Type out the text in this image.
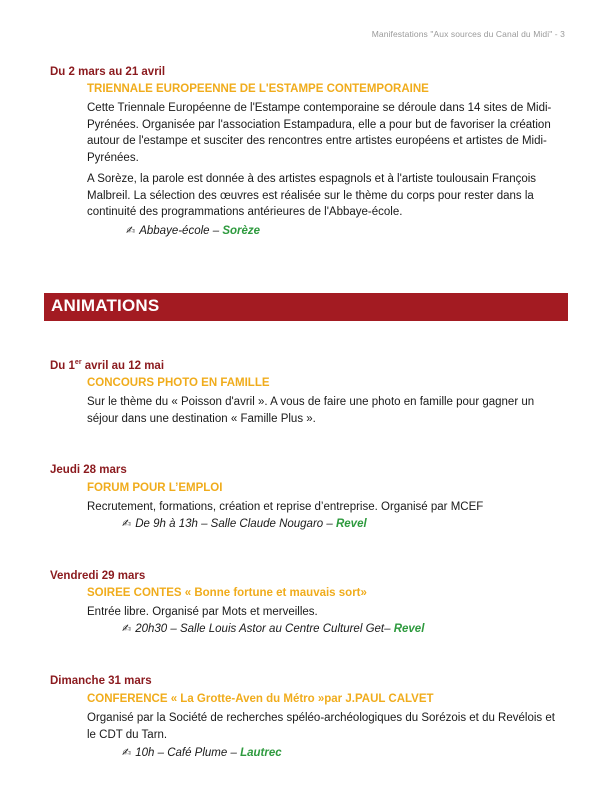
Manifestations "Aux sources du Canal du Midi" - 3
Du 2 mars au 21 avril
TRIENNALE EUROPEENNE DE L'ESTAMPE CONTEMPORAINE
Cette Triennale Européenne de l'Estampe contemporaine se déroule dans 14 sites de Midi-Pyrénées. Organisée par l'association Estampadura, elle a pour but de favoriser la création autour de l'estampe et susciter des rencontres entre artistes européens et artistes de Midi-Pyrénées.
A Sorèze, la parole est donnée à des artistes espagnols et à l'artiste toulousain François Malbreil. La sélection des œuvres est réalisée sur le thème du corps pour rester dans la continuité des programmations antérieures de l'Abbaye-école.
✍ Abbaye-école – Sorèze
ANIMATIONS
Du 1er avril au 12 mai
CONCOURS PHOTO EN FAMILLE
Sur le thème du « Poisson d'avril ». A vous de faire une photo en famille pour gagner un séjour dans une destination « Famille Plus ».
Jeudi 28 mars
FORUM POUR L’EMPLOI
Recrutement, formations, création et reprise d’entreprise. Organisé par MCEF
✍ De 9h à 13h – Salle Claude Nougaro – Revel
Vendredi 29 mars
SOIREE CONTES « Bonne fortune et mauvais sort»
Entrée libre. Organisé par Mots et merveilles.
✍ 20h30 – Salle Louis Astor au Centre Culturel Get– Revel
Dimanche 31 mars
CONFERENCE « La Grotte-Aven du Métro »par J.PAUL CALVET
Organisé par la Société de recherches spéléo-archéologiques du Sorézois et du Revélois et le CDT du Tarn.
✍ 10h – Café Plume – Lautrec
